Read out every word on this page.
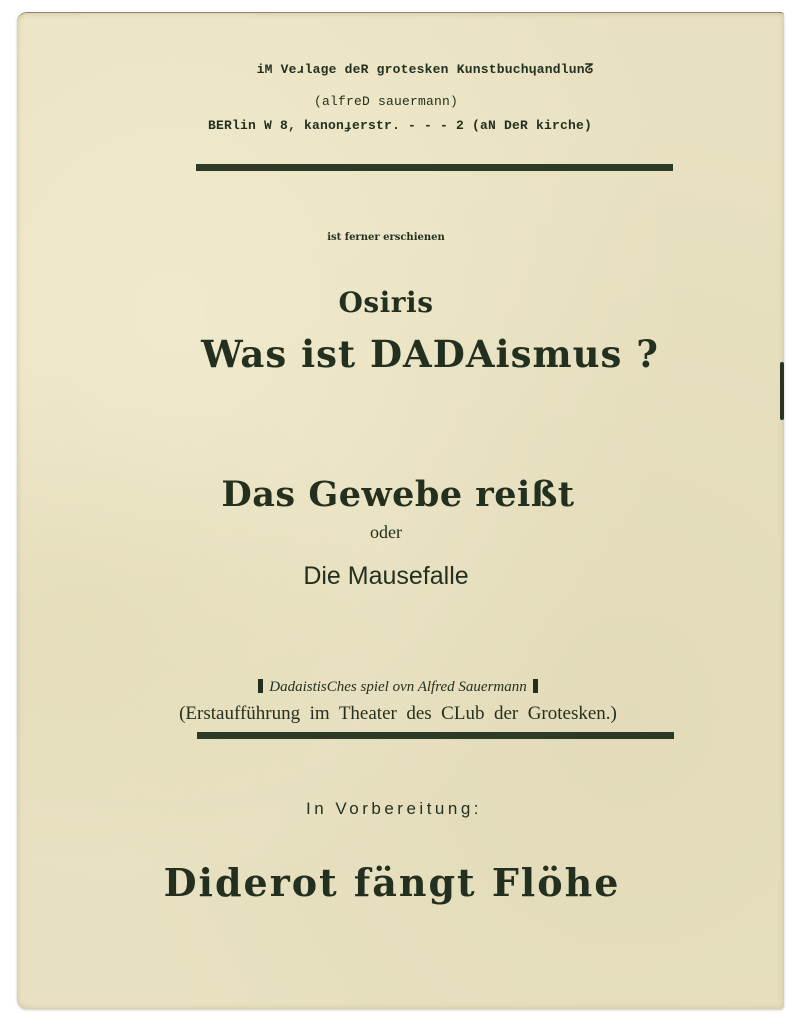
iM Veɹlage deR grotesken Kunstbuchɥandlunᘔ
(alfreD sauermann)
BERlin W 8, kanonɟerstr. - - - 2 (aN DeR kirche)
ist ferner erschienen
Osiris
Was ist DADAismus ?
Das Gewebe reißt
oder
Die Mausefalle
DadaistisChes spiel ovn Alfred Sauermann
(Erstaufführung  im  Theater  des  CLub  der  Grotesken.)
In Vorbereitung:
Diderot fängt Flöhe
